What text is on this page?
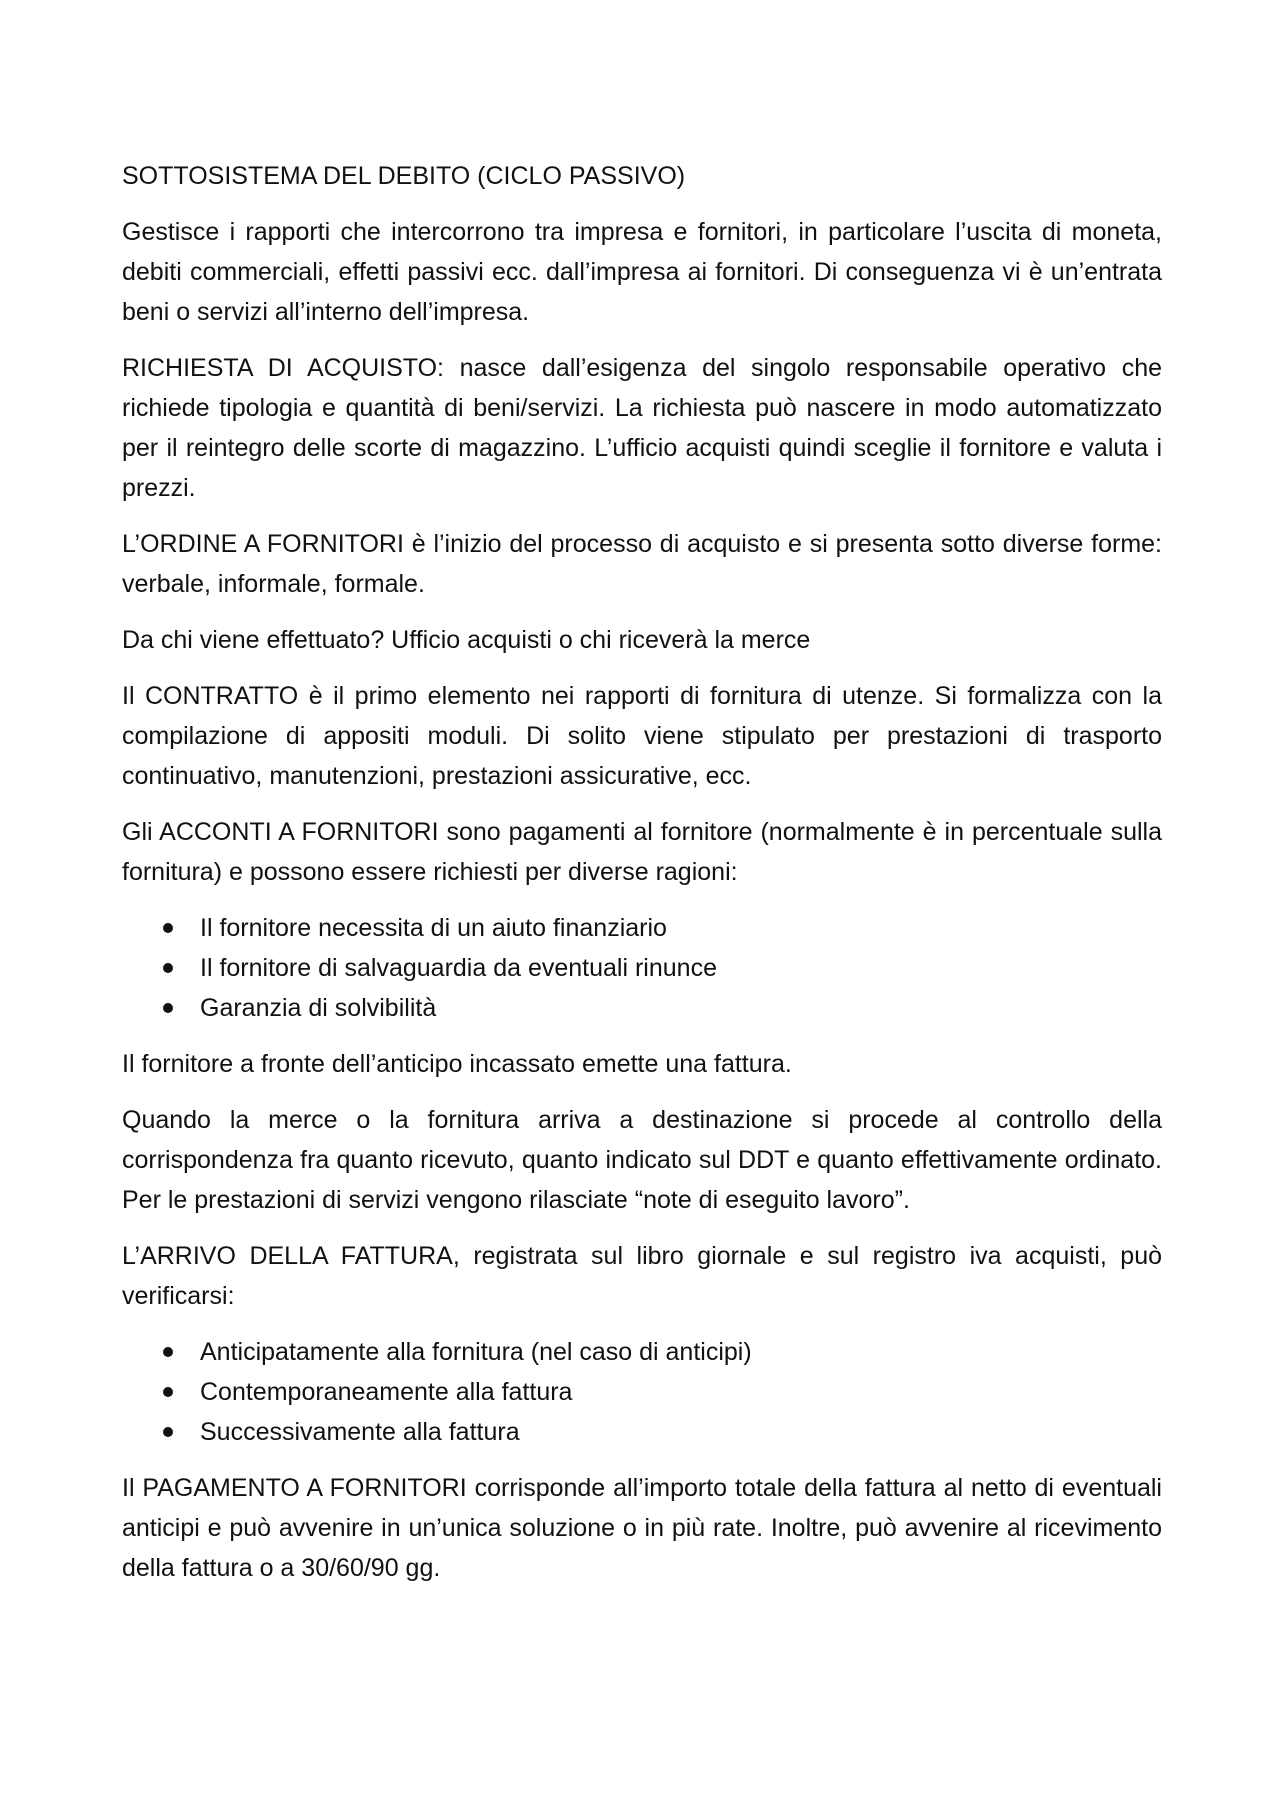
SOTTOSISTEMA DEL DEBITO (CICLO PASSIVO)

Gestisce i rapporti che intercorrono tra impresa e fornitori, in particolare l’uscita di moneta, debiti commerciali, effetti passivi ecc. dall’impresa ai fornitori. Di conseguenza vi è un’entrata beni o servizi all’interno dell’impresa.

RICHIESTA DI ACQUISTO: nasce dall’esigenza del singolo responsabile operativo che richiede tipologia e quantità di beni/servizi. La richiesta può nascere in modo automatizzato per il reintegro delle scorte di magazzino. L’ufficio acquisti quindi sceglie il fornitore e valuta i prezzi.

L’ORDINE A FORNITORI è l’inizio del processo di acquisto e si presenta sotto diverse forme: verbale, informale, formale.

Da chi viene effettuato? Ufficio acquisti o chi riceverà la merce

Il CONTRATTO è il primo elemento nei rapporti di fornitura di utenze. Si formalizza con la compilazione di appositi moduli. Di solito viene stipulato per prestazioni di trasporto continuativo, manutenzioni, prestazioni assicurative, ecc.

Gli ACCONTI A FORNITORI sono pagamenti al fornitore (normalmente è in percentuale sulla fornitura) e possono essere richiesti per diverse ragioni:

Il fornitore necessita di un aiuto finanziario
Il fornitore di salvaguardia da eventuali rinunce
Garanzia di solvibilità

Il fornitore a fronte dell’anticipo incassato emette una fattura.

Quando la merce o la fornitura arriva a destinazione si procede al controllo della corrispondenza fra quanto ricevuto, quanto indicato sul DDT e quanto effettivamente ordinato. Per le prestazioni di servizi vengono rilasciate “note di eseguito lavoro”.

L’ARRIVO DELLA FATTURA, registrata sul libro giornale e sul registro iva acquisti, può verificarsi:

Anticipatamente alla fornitura (nel caso di anticipi)
Contemporaneamente alla fattura
Successivamente alla fattura

Il PAGAMENTO A FORNITORI corrisponde all’importo totale della fattura al netto di eventuali anticipi e può avvenire in un’unica soluzione o in più rate. Inoltre, può avvenire al ricevimento della fattura o a 30/60/90 gg.
